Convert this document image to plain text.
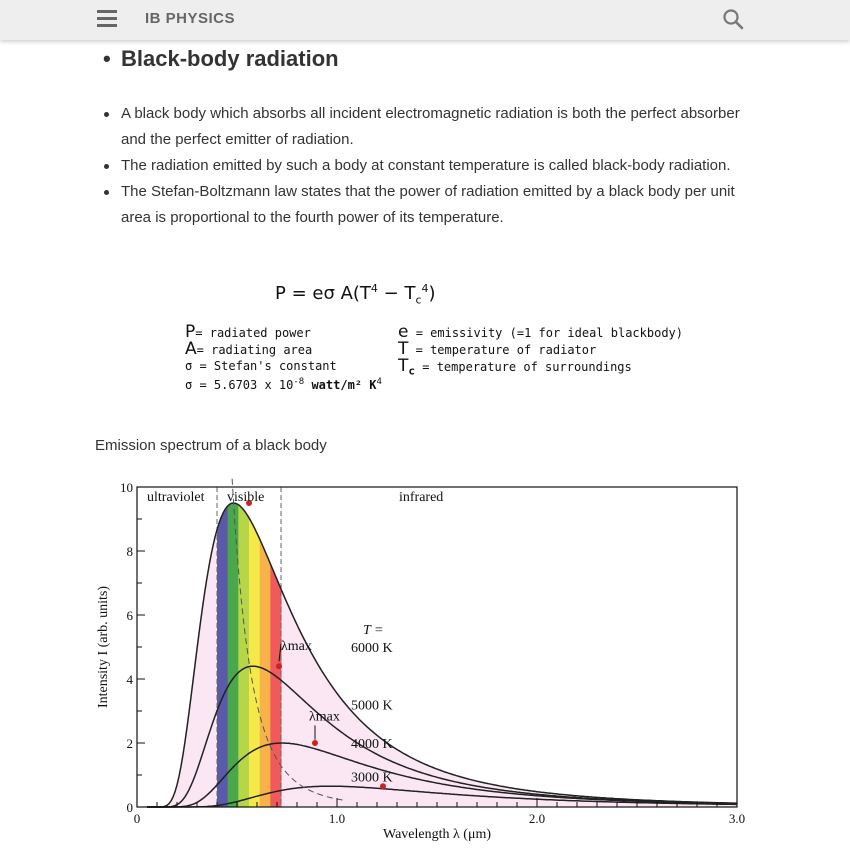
IB PHYSICS
• Black-body radiation
A black body which absorbs all incident electromagnetic radiation is both the perfect absorber and the perfect emitter of radiation.
The radiation emitted by such a body at constant temperature is called black-body radiation.
The Stefan-Boltzmann law states that the power of radiation emitted by a black body per unit area is proportional to the fourth power of its temperature.
P = eσ $A(T^4 - T_c^4)$
P= radiated power
A= radiating area
σ = Stefan's constant
σ = 5.6703 x $10^{-8}$ watt/m² $K^4$
e = emissivity (=1 for ideal blackbody)
T = temperature of radiator
$T_c$ = temperature of surroundings
Emission spectrum of a black body
0	1.0	2.0	3.0
0
2
4
6
8
10
Wavelength λ (μm)
Intensity I (arb. units)
ultraviolet visible	infrared
T =
6000 K
5000 K
4000 K
3000 K
λmax
λmax
